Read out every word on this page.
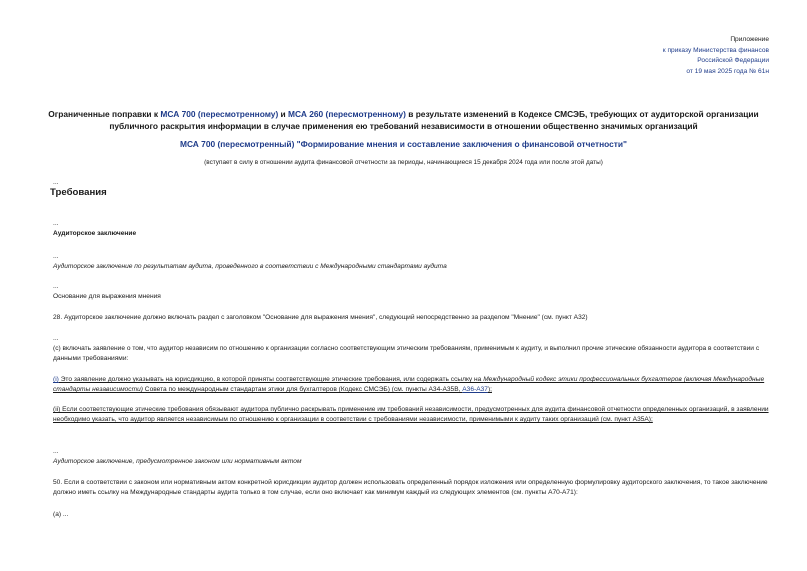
Приложение
к приказу Министерства финансов
Российской Федерации
от 19 мая 2025 года № 61н
Ограниченные поправки к МСА 700 (пересмотренному) и МСА 260 (пересмотренному) в результате изменений в Кодексе СМСЭБ, требующих от аудиторской организации публичного раскрытия информации в случае применения ею требований независимости в отношении общественно значимых организаций
МСА 700 (пересмотренный) "Формирование мнения и составление заключения о финансовой отчетности"
(вступает в силу в отношении аудита финансовой отчетности за периоды, начинающиеся 15 декабря 2024 года или после этой даты)
...
Требования
...
Аудиторское заключение
...
Аудиторское заключение по результатам аудита, проведенного в соответствии с Международными стандартами аудита
...
Основание для выражения мнения
28. Аудиторское заключение должно включать раздел с заголовком "Основание для выражения мнения", следующий непосредственно за разделом "Мнение" (см. пункт А32)
...
(c) включать заявление о том, что аудитор независим по отношению к организации согласно соответствующим этическим требованиям, применимым к аудиту, и выполнил прочие этические обязанности аудитора в соответствии с данными требованиями:
(i) Это заявление должно указывать на юрисдикцию, в которой приняты соответствующие этические требования, или содержать ссылку на Международный кодекс этики профессиональных бухгалтеров (включая Международные стандарты независимости) Совета по международным стандартам этики для бухгалтеров (Кодекс СМСЭБ) (см. пункты А34-А35В, А36-А37);
(ii) Если соответствующие этические требования обязывают аудитора публично раскрывать применение им требований независимости, предусмотренных для аудита финансовой отчетности определенных организаций, в заявлении необходимо указать, что аудитор является независимым по отношению к организации в соответствии с требованиями независимости, применимыми к аудиту таких организаций (см. пункт А35А);
...
Аудиторское заключение, предусмотренное законом или нормативным актом
50. Если в соответствии с законом или нормативным актом конкретной юрисдикции аудитор должен использовать определенный порядок изложения или определенную формулировку аудиторского заключения, то такое заключение должно иметь ссылку на Международные стандарты аудита только в том случае, если оно включает как минимум каждый из следующих элементов (см. пункты А70-А71):
(a) ...
